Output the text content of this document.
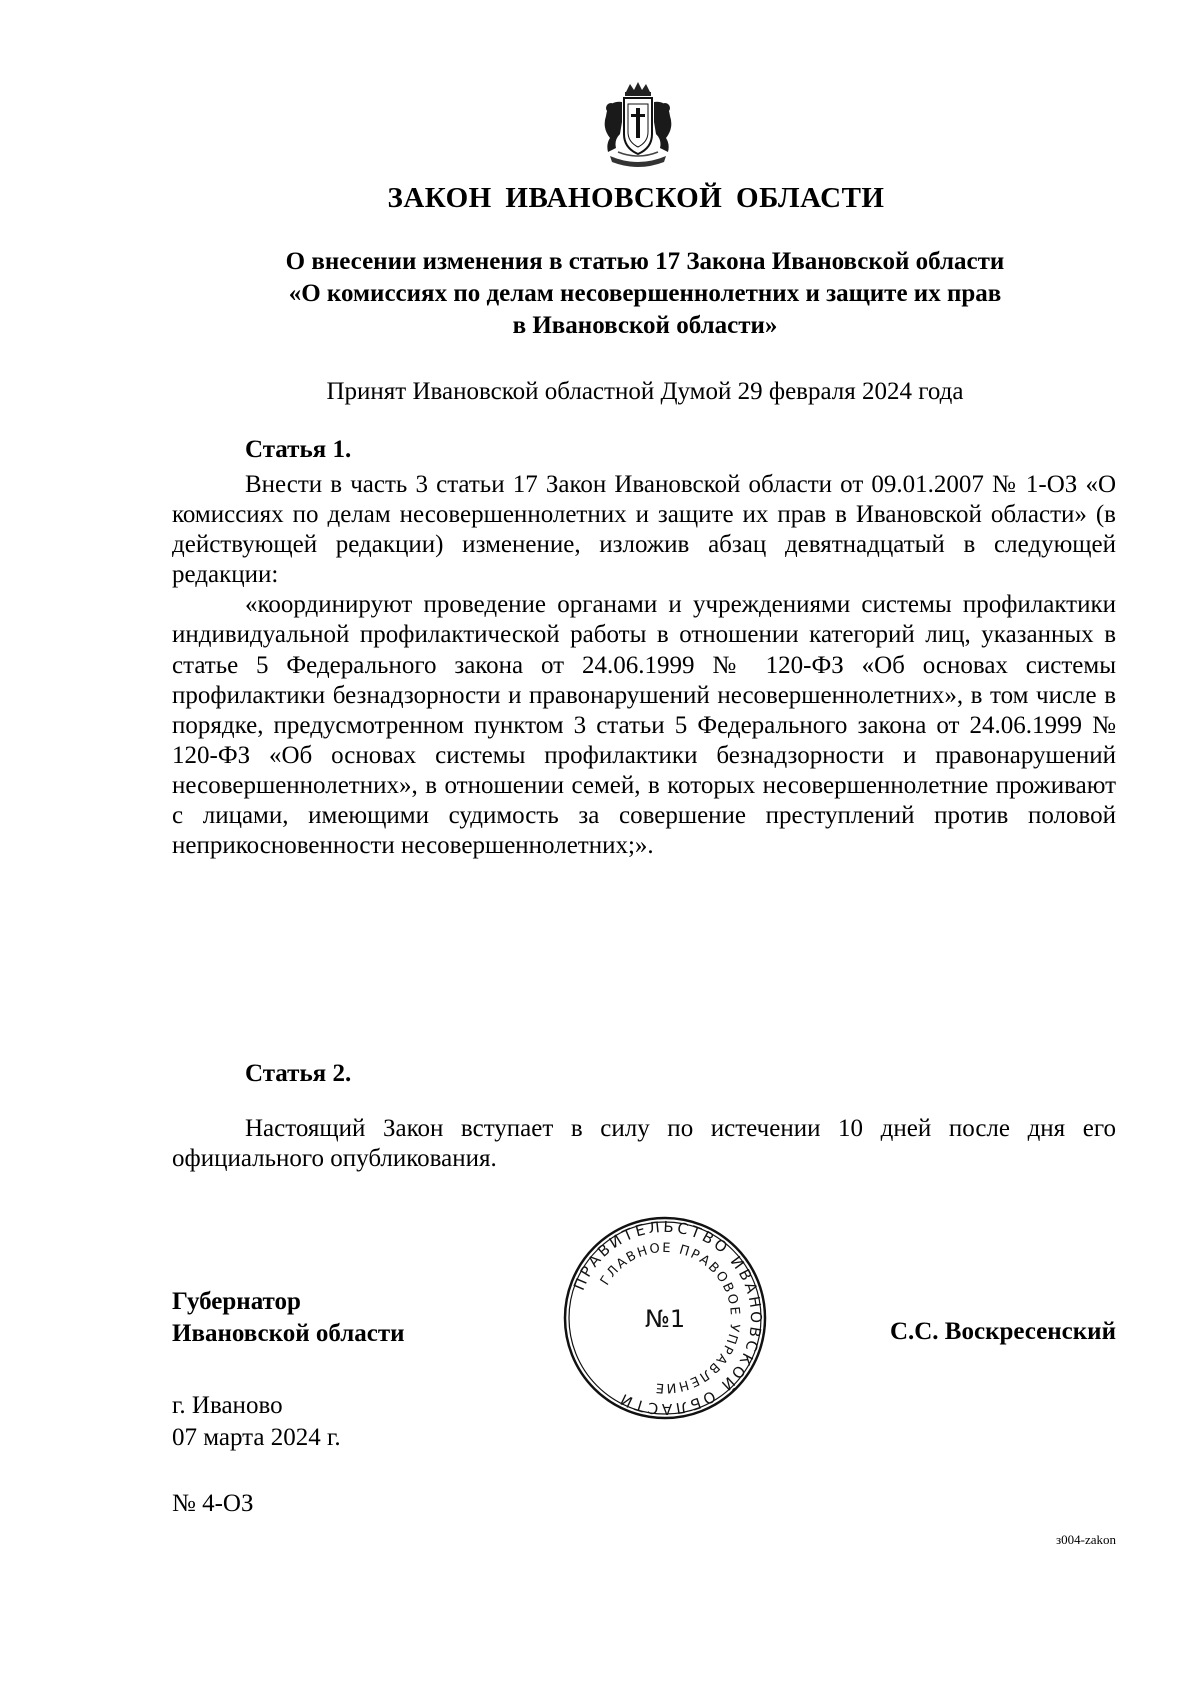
ЗАКОН ИВАНОВСКОЙ ОБЛАСТИ
О внесении изменения в статью 17 Закона Ивановской области
«О комиссиях по делам несовершеннолетних и защите их прав
в Ивановской области»
Принят Ивановской областной Думой 29 февраля 2024 года
Статья 1.

Внести в часть 3 статьи 17 Закон Ивановской области от 09.01.2007 № 1-ОЗ «О комиссиях по делам несовершеннолетних и защите их прав в Ивановской области» (в действующей редакции) изменение, изложив абзац девятнадцатый в следующей редакции:

«координируют проведение органами и учреждениями системы профилактики индивидуальной профилактической работы в отношении категорий лиц, указанных в статье 5 Федерального закона от 24.06.1999 № 120-ФЗ «Об основах системы профилактики безнадзорности и правонарушений несовершеннолетних», в том числе в порядке, предусмотренном пунктом 3 статьи 5 Федерального закона от 24.06.1999 № 120-ФЗ «Об основах системы профилактики безнадзорности и правонарушений несовершеннолетних», в отношении семей, в которых несовершеннолетние проживают с лицами, имеющими судимость за совершение преступлений против половой неприкосновенности несовершеннолетних;».

Статья 2.

Настоящий Закон вступает в силу по истечении 10 дней после дня его официального опубликования.

Губернатор
Ивановской области
ПРАВИТЕЛЬСТВО ИВАНОВСКОЙ ОБЛАСТИ
ГЛАВНОЕ ПРАВОВОЕ УПРАВЛЕНИЕ
№1	С.С. Воскресенский
г. Иваново
07 марта 2024 г.
№ 4-ОЗ
з004-zakon
